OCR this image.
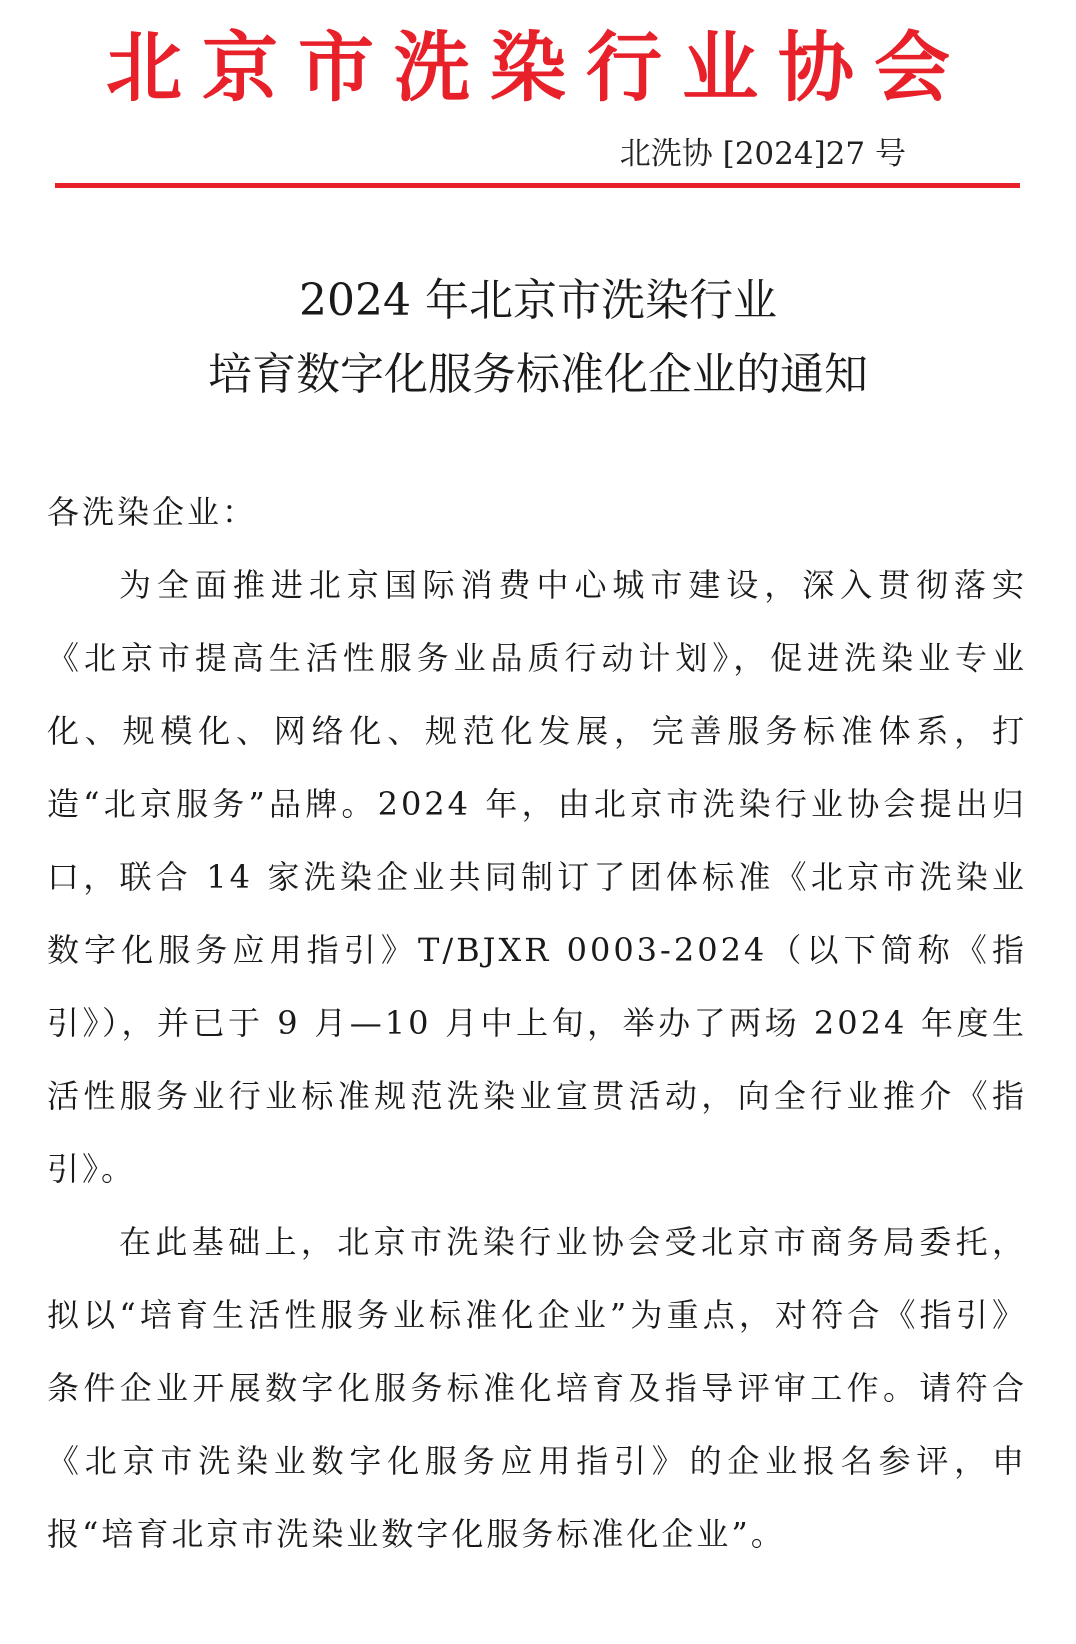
北京市洗染行业协会
北洗协 [2024]27 号
2024 年北京市洗染行业
培育数字化服务标准化企业的通知
各洗染企业：

为全面推进北京国际消费中心城市建设，深入贯彻落实《北京市提高生活性服务业品质行动计划》，促进洗染业专业化、规模化、网络化、规范化发展，完善服务标准体系，打造“北京服务”品牌。2024 年，由北京市洗染行业协会提出归口，联合 14 家洗染企业共同制订了团体标准《北京市洗染业数字化服务应用指引》T/BJXR 0003-2024（以下简称《指引》），并已于 9 月—10 月中上旬，举办了两场 2024 年度生活性服务业行业标准规范洗染业宣贯活动，向全行业推介《指引》。

在此基础上，北京市洗染行业协会受北京市商务局委托，拟以“培育生活性服务业标准化企业”为重点，对符合《指引》条件企业开展数字化服务标准化培育及指导评审工作。请符合《北京市洗染业数字化服务应用指引》的企业报名参评，申报“培育北京市洗染业数字化服务标准化企业”。
